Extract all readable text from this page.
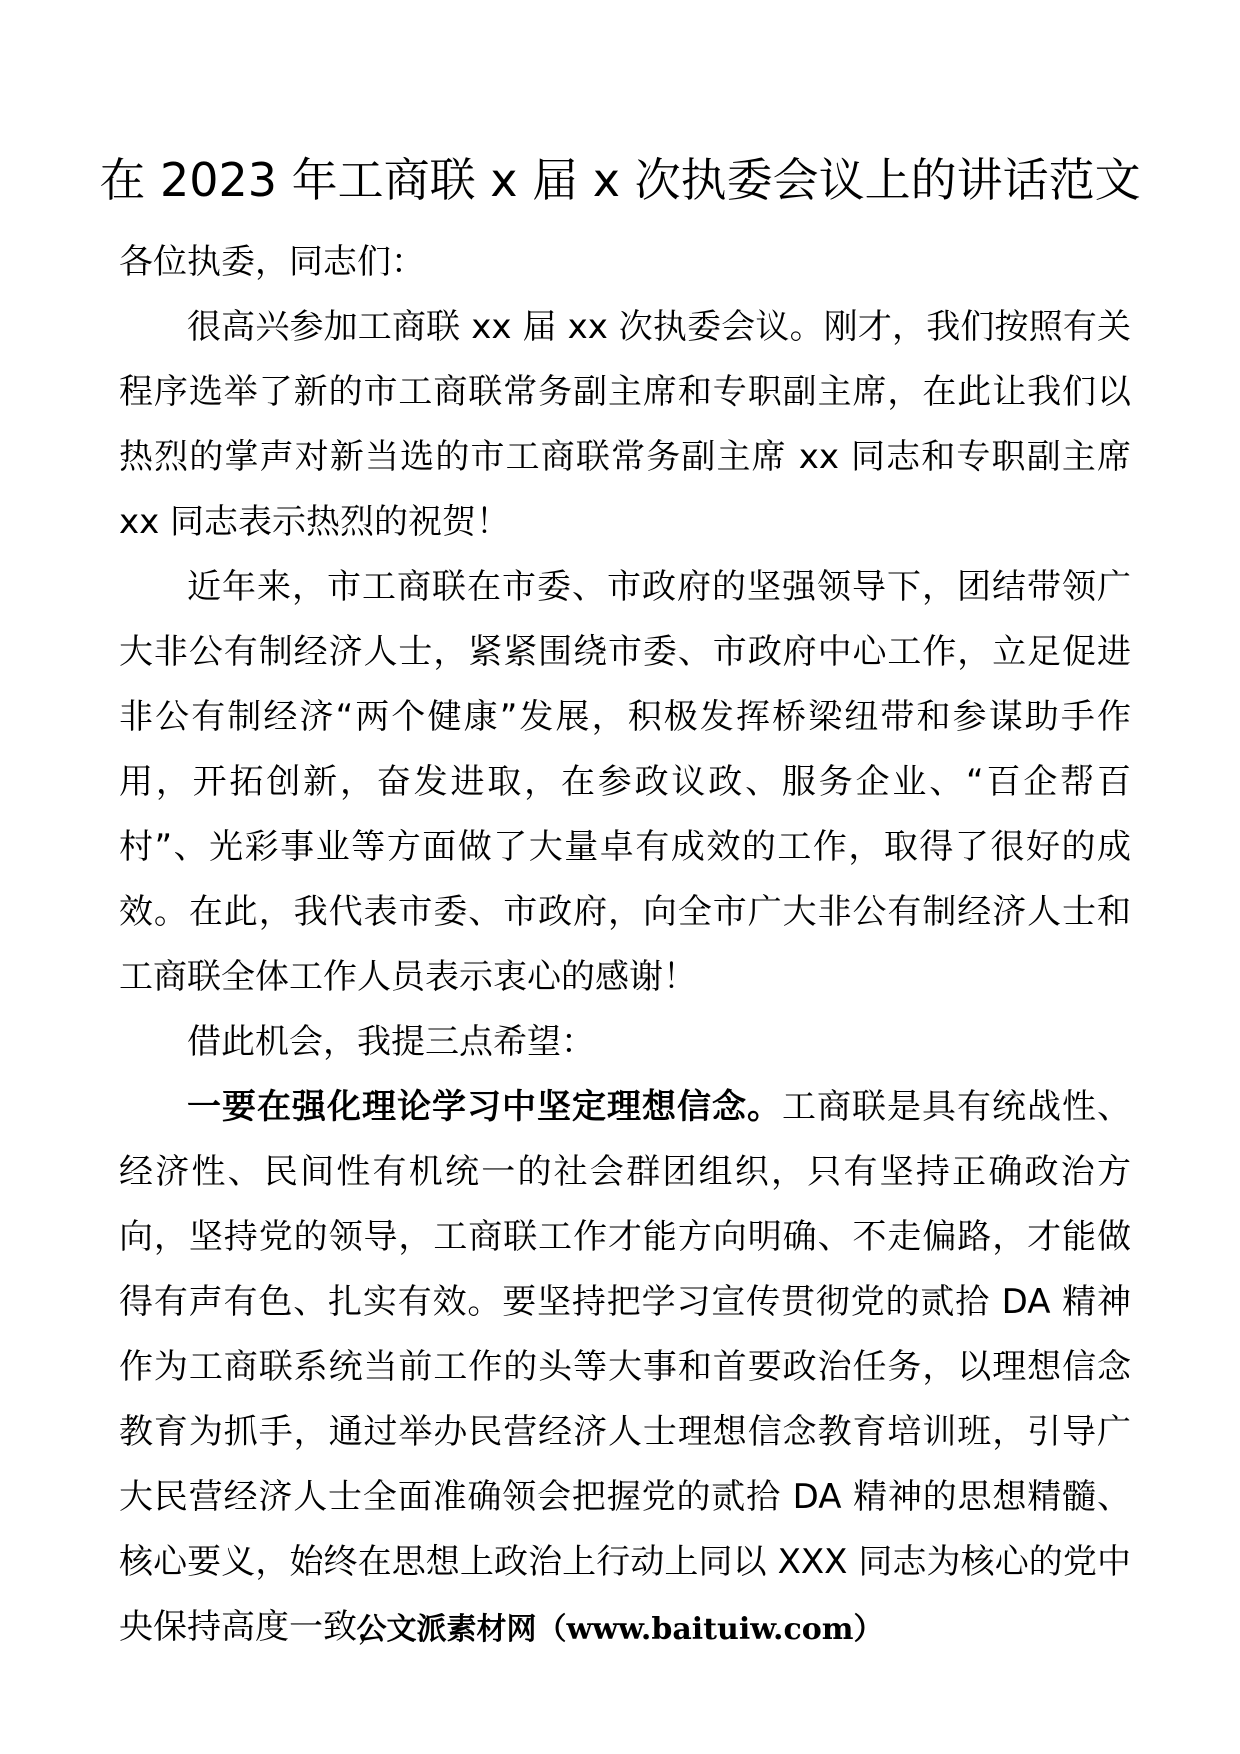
在 2023 年工商联 x 届 x 次执委会议上的讲话范文

各位执委，同志们：

很高兴参加工商联 xx 届 xx 次执委会议。刚才，我们按照有关程序选举了新的市工商联常务副主席和专职副主席，在此让我们以热烈的掌声对新当选的市工商联常务副主席 xx 同志和专职副主席 xx 同志表示热烈的祝贺！

近年来，市工商联在市委、市政府的坚强领导下，团结带领广大非公有制经济人士，紧紧围绕市委、市政府中心工作，立足促进非公有制经济“两个健康”发展，积极发挥桥梁纽带和参谋助手作用，开拓创新，奋发进取，在参政议政、服务企业、“百企帮百村”、光彩事业等方面做了大量卓有成效的工作，取得了很好的成效。在此，我代表市委、市政府，向全市广大非公有制经济人士和工商联全体工作人员表示衷心的感谢！

借此机会，我提三点希望：

一要在强化理论学习中坚定理想信念。工商联是具有统战性、经济性、民间性有机统一的社会群团组织，只有坚持正确政治方向，坚持党的领导，工商联工作才能方向明确、不走偏路，才能做得有声有色、扎实有效。要坚持把学习宣传贯彻党的贰拾 DA 精神作为工商联系统当前工作的头等大事和首要政治任务，以理想信念教育为抓手，通过举办民营经济人士理想信念教育培训班，引导广大民营经济人士全面准确领会把握党的贰拾 DA 精神的思想精髓、核心要义，始终在思想上政治上行动上同以 XXX 同志为核心的党中央保持高度一致，

公文派素材网（www.baituiw.com）
